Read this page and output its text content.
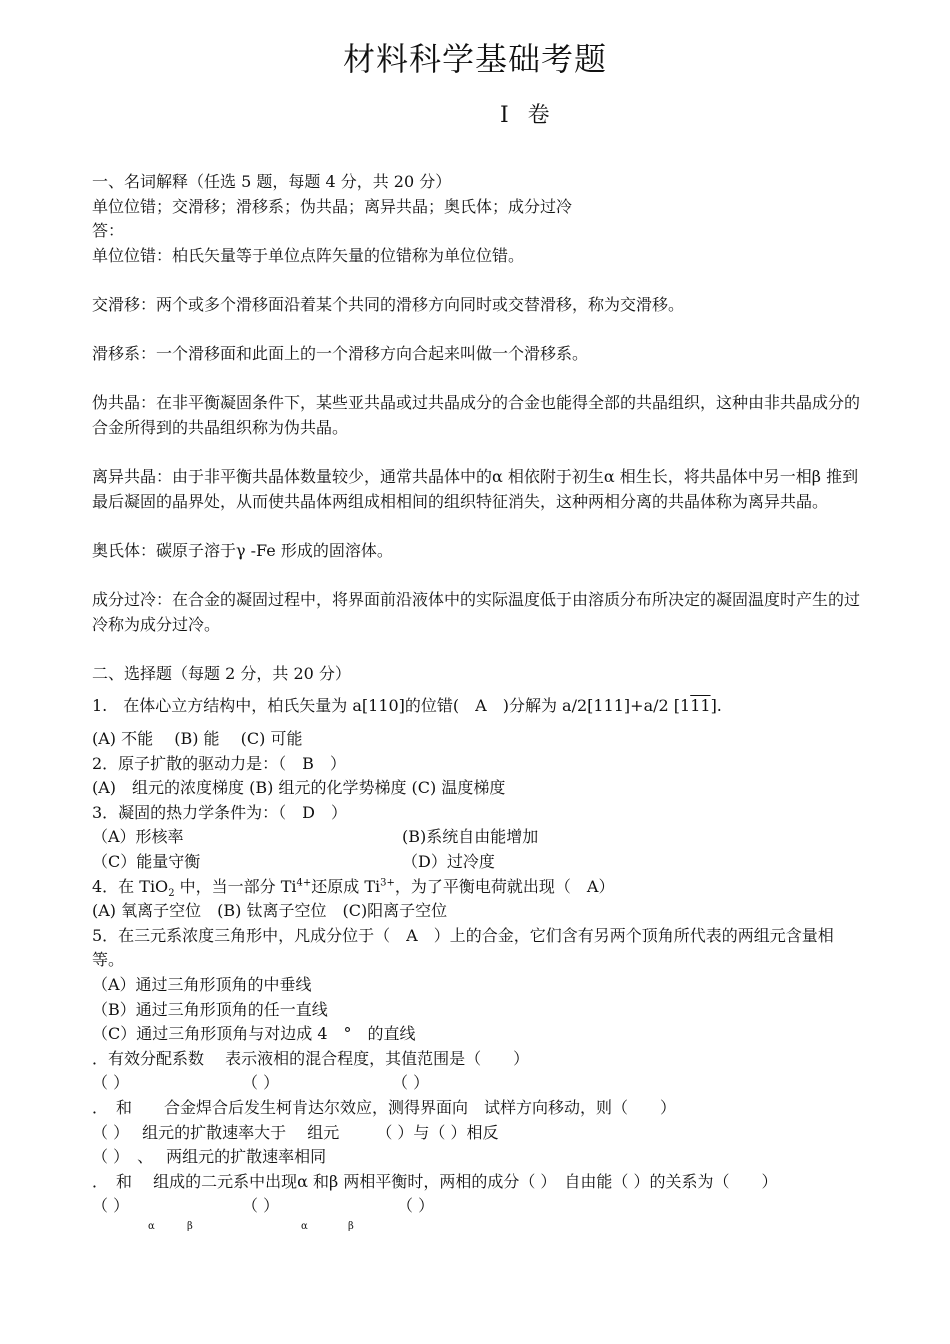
材料科学基础考题
I 卷

一、名词解释（任选 5 题，每题 4 分，共 20 分）

单位位错；交滑移；滑移系；伪共晶；离异共晶；奥氏体；成分过冷

答：

单位位错：柏氏矢量等于单位点阵矢量的位错称为单位位错。

交滑移：两个或多个滑移面沿着某个共同的滑移方向同时或交替滑移，称为交滑移。

滑移系：一个滑移面和此面上的一个滑移方向合起来叫做一个滑移系。

伪共晶：在非平衡凝固条件下，某些亚共晶或过共晶成分的合金也能得全部的共晶组织，这种由非共晶成分的合金所得到的共晶组织称为伪共晶。

离异共晶：由于非平衡共晶体数量较少，通常共晶体中的α 相依附于初生α 相生长，将共晶体中另一相β 推到最后凝固的晶界处，从而使共晶体两组成相相间的组织特征消失，这种两相分离的共晶体称为离异共晶。

奥氏体：碳原子溶于γ -Fe 形成的固溶体。

成分过冷：在合金的凝固过程中，将界面前沿液体中的实际温度低于由溶质分布所决定的凝固温度时产生的过冷称为成分过冷。

二、选择题（每题 2 分，共 20 分）

1.　在体心立方结构中，柏氏矢量为 a[110]的位错(　A　)分解为 a/2[111]+a/2 [111].

(A) 不能　 (B) 能　 (C) 可能

2．原子扩散的驱动力是：（　B　）

(A)　组元的浓度梯度 (B) 组元的化学势梯度 (C) 温度梯度

3．凝固的热力学条件为：（　D　）

（A）形核率	(B)系统自由能增加
（C）能量守衡	（D）过冷度

4．在 TiO$_2$ 中，当一部分 $Ti^{4+}$还原成 $Ti^{3+}$，为了平衡电荷就出现（　A）

(A) 氧离子空位　(B) 钛离子空位　(C)阳离子空位

5．在三元系浓度三角形中，凡成分位于（　A　）上的合金，它们含有另两个顶角所代表的两组元含量相等。

（A）通过三角形顶角的中垂线

（B）通过三角形顶角的任一直线

（C）通过三角形顶角与对边成 4　°　的直线

．有效分配系数　 表示液相的混合程度，其值范围是（　　）

（ ）	（ ）	（ ）

．　和　　合金焊合后发生柯肯达尔效应，测得界面向　试样方向移动，则（　　）

（ ）　 组元的扩散速率大于　 组元　　 （ ）与（ ）相反

（ ）　、　 两组元的扩散速率相同

．　和　 组成的二元系中出现α 和β 两相平衡时，两相的成分（ ）　自由能（ ）的关系为（　　）

（ ）	（ ）	（ ）
α	β	α	β
